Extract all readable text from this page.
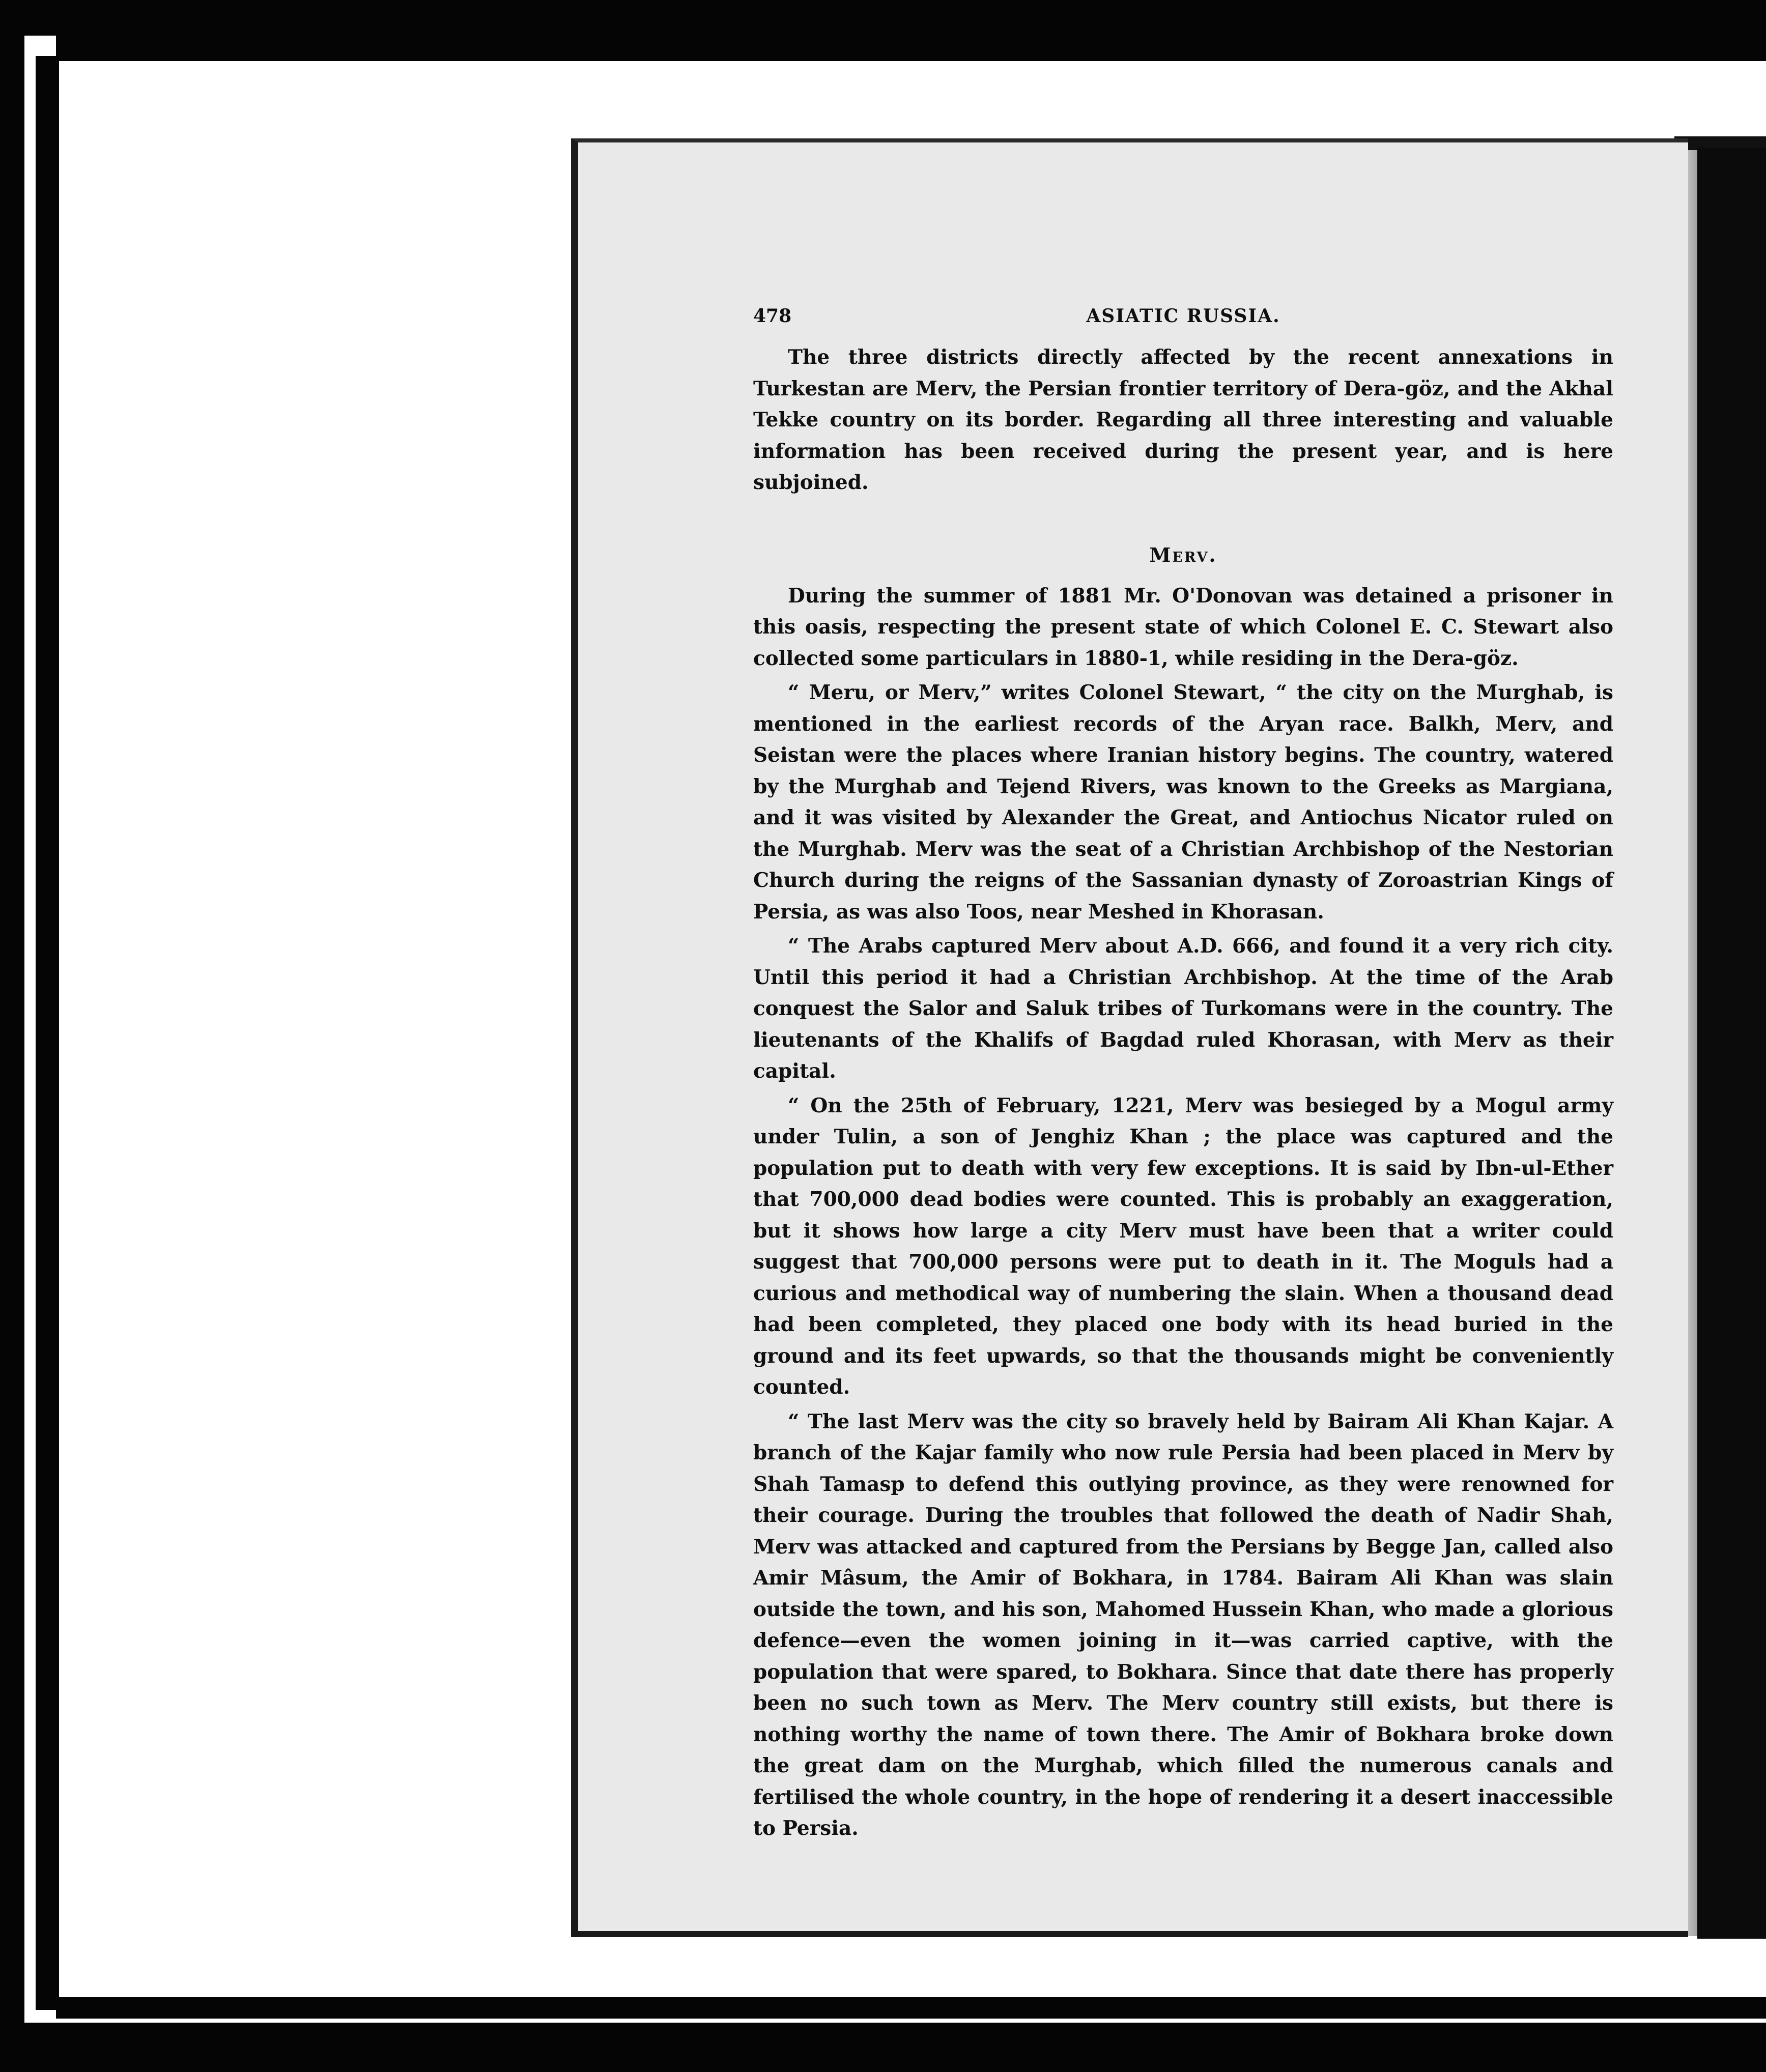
478	ASIATIC RUSSIA.

The three districts directly affected by the recent annexations in Turkestan are Merv, the Persian frontier territory of Dera-göz, and the Akhal Tekke country on its border. Regarding all three interesting and valuable information has been received during the present year, and is here subjoined.

Merv.

During the summer of 1881 Mr. O'Donovan was detained a prisoner in this oasis, respecting the present state of which Colonel E. C. Stewart also collected some particulars in 1880-1, while residing in the Dera-göz.

“ Meru, or Merv,” writes Colonel Stewart, “ the city on the Murghab, is mentioned in the earliest records of the Aryan race. Balkh, Merv, and Seistan were the places where Iranian history begins. The country, watered by the Murghab and Tejend Rivers, was known to the Greeks as Margiana, and it was visited by Alexander the Great, and Antiochus Nicator ruled on the Murghab. Merv was the seat of a Christian Archbishop of the Nestorian Church during the reigns of the Sassanian dynasty of Zoroastrian Kings of Persia, as was also Toos, near Meshed in Khorasan.

“ The Arabs captured Merv about A.D. 666, and found it a very rich city. Until this period it had a Christian Archbishop. At the time of the Arab conquest the Salor and Saluk tribes of Turkomans were in the country. The lieutenants of the Khalifs of Bagdad ruled Khorasan, with Merv as their capital.

“ On the 25th of February, 1221, Merv was besieged by a Mogul army under Tulin, a son of Jenghiz Khan ; the place was captured and the population put to death with very few exceptions. It is said by Ibn-ul-Ether that 700,000 dead bodies were counted. This is probably an exaggeration, but it shows how large a city Merv must have been that a writer could suggest that 700,000 persons were put to death in it. The Moguls had a curious and methodical way of numbering the slain. When a thousand dead had been completed, they placed one body with its head buried in the ground and its feet upwards, so that the thousands might be conveniently counted.

“ The last Merv was the city so bravely held by Bairam Ali Khan Kajar. A branch of the Kajar family who now rule Persia had been placed in Merv by Shah Tamasp to defend this outlying province, as they were renowned for their courage. During the troubles that followed the death of Nadir Shah, Merv was attacked and captured from the Persians by Begge Jan, called also Amir Mâsum, the Amir of Bokhara, in 1784. Bairam Ali Khan was slain outside the town, and his son, Mahomed Hussein Khan, who made a glorious defence—even the women joining in it—was carried captive, with the population that were spared, to Bokhara. Since that date there has properly been no such town as Merv. The Merv country still exists, but there is nothing worthy the name of town there. The Amir of Bokhara broke down the great dam on the Murghab, which filled the numerous canals and fertilised the whole country, in the hope of rendering it a desert inaccessible to Persia.
